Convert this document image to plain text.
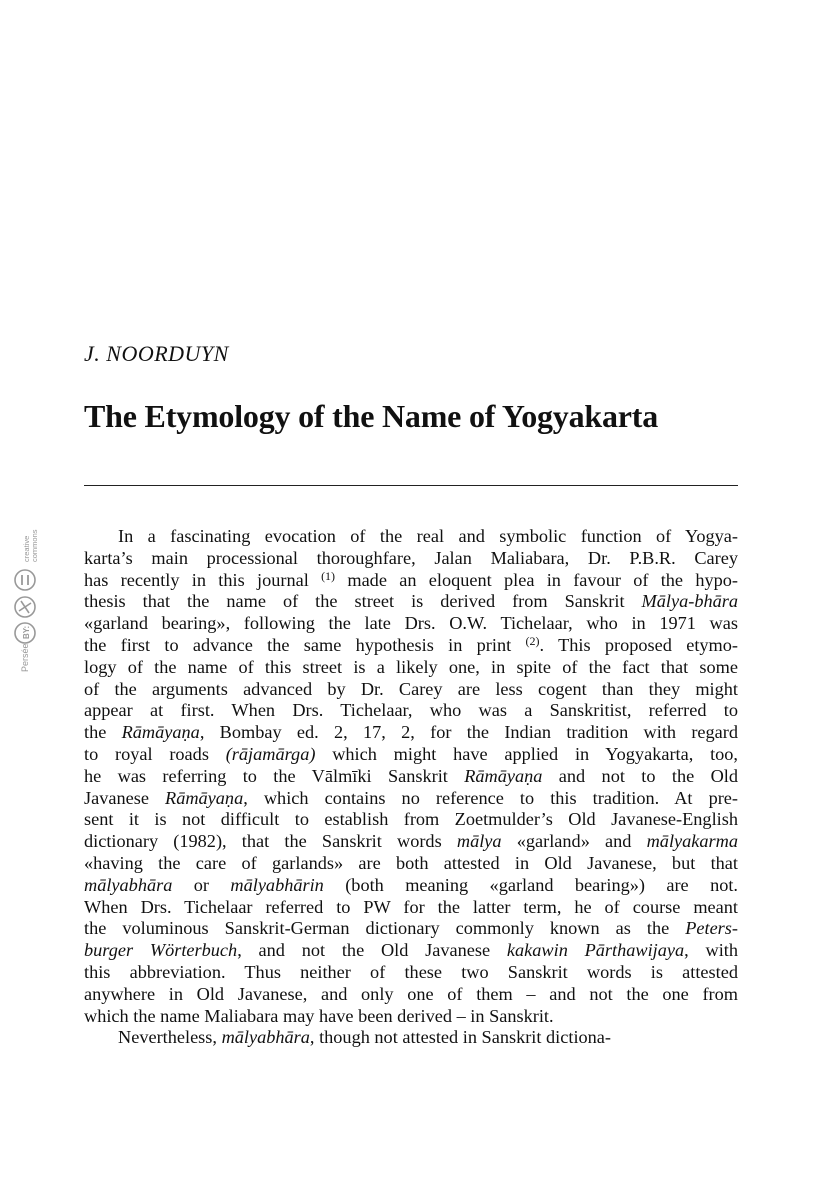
Persée
BY:
creative commons

J. NOORDUYN

The Etymology of the Name of Yogyakarta
In a fascinating evocation of the real and symbolic function of Yogya-
karta’s main processional thoroughfare, Jalan Maliabara, Dr. P.B.R. Carey
has recently in this journal $^{(1)}$ made an eloquent plea in favour of the hypo-
thesis that the name of the street is derived from Sanskrit Mālya-bhāra
«garland bearing», following the late Drs. O.W. Tichelaar, who in 1971 was
the first to advance the same hypothesis in print $^{(2)}$. This proposed etymo-
logy of the name of this street is a likely one, in spite of the fact that some
of the arguments advanced by Dr. Carey are less cogent than they might
appear at first. When Drs. Tichelaar, who was a Sanskritist, referred to
the Rāmāyaṇa, Bombay ed. 2, 17, 2, for the Indian tradition with regard
to royal roads (rājamārga) which might have applied in Yogyakarta, too,
he was referring to the Vālmīki Sanskrit Rāmāyaṇa and not to the Old
Javanese Rāmāyaṇa, which contains no reference to this tradition. At pre-
sent it is not difficult to establish from Zoetmulder’s Old Javanese-English
dictionary (1982), that the Sanskrit words mālya «garland» and mālyakarma
«having the care of garlands» are both attested in Old Javanese, but that
mālyabhāra or mālyabhārin (both meaning «garland bearing») are not.
When Drs. Tichelaar referred to PW for the latter term, he of course meant
the voluminous Sanskrit-German dictionary commonly known as the Peters-
burger Wörterbuch, and not the Old Javanese kakawin Pārthawijaya, with
this abbreviation. Thus neither of these two Sanskrit words is attested
anywhere in Old Javanese, and only one of them – and not the one from
which the name Maliabara may have been derived – in Sanskrit.
Nevertheless, mālyabhāra, though not attested in Sanskrit dictiona-
